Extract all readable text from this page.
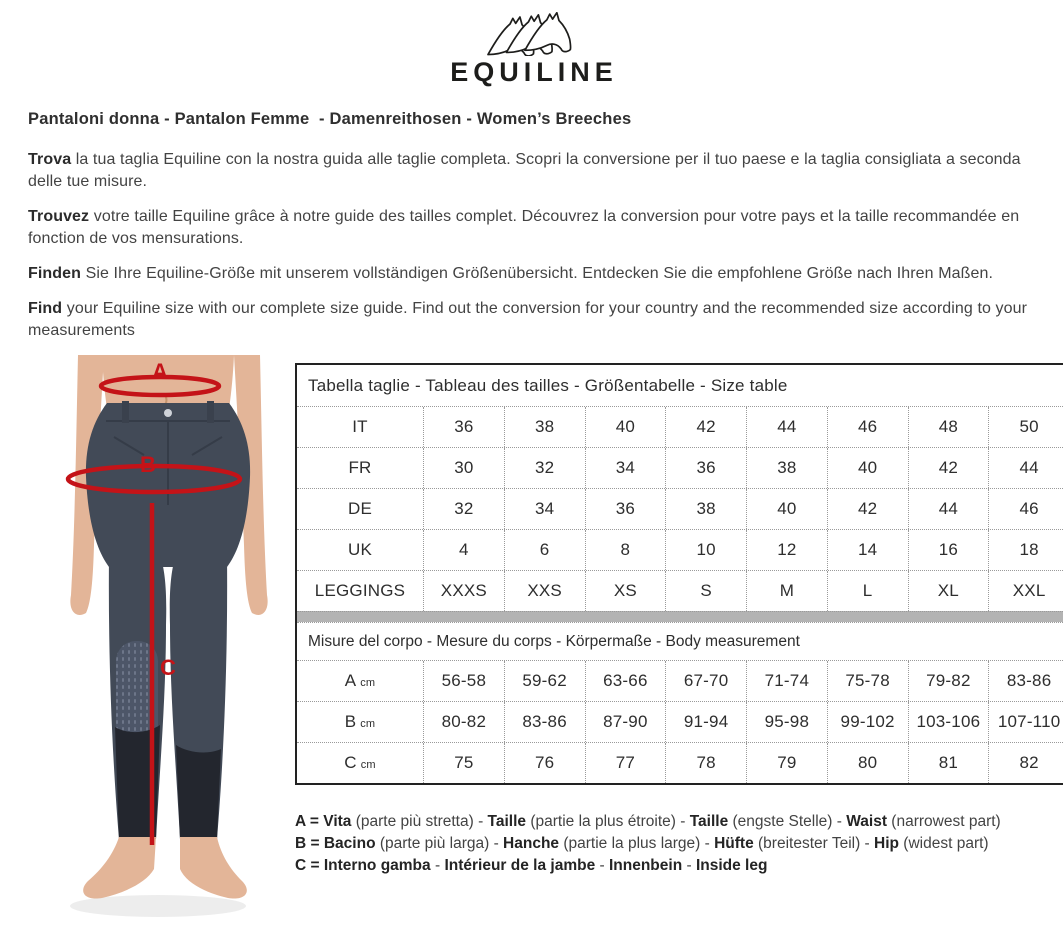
EQUILINE
Pantaloni donna - Pantalon Femme  - Damenreithosen - Women’s Breeches

Trova la tua taglia Equiline con la nostra guida alle taglie completa. Scopri la conversione per il tuo paese e la taglia consigliata a seconda delle tue misure.

Trouvez votre taille Equiline grâce à notre guide des tailles complet. Découvrez la conversion pour votre pays et la taille recommandée en fonction de vos mensurations.

Finden Sie Ihre Equiline-Größe mit unserem vollständigen Größenübersicht. Entdecken Sie die empfohlene Größe nach Ihren Maßen.

Find your Equiline size with our complete size guide. Find out the conversion for your country and the recommended size according to your measurements

A
B
C
Tabella taglie - Tableau des tailles - Größentabelle - Size table
IT	36	38	40	42	44	46	48	50
FR	30	32	34	36	38	40	42	44
DE	32	34	36	38	40	42	44	46
UK	4	6	8	10	12	14	16	18
LEGGINGS	XXXS	XXS	XS	S	M	L	XL	XXL
Misure del corpo - Mesure du corps - Körpermaße - Body measurement
A cm	56-58	59-62	63-66	67-70	71-74	75-78	79-82	83-86
B cm	80-82	83-86	87-90	91-94	95-98	99-102	103-106	107-110
C cm	75	76	77	78	79	80	81	82
A = Vita (parte più stretta) - Taille (partie la plus étroite) - Taille (engste Stelle) - Waist (narrowest part)
B = Bacino (parte più larga) - Hanche (partie la plus large) - Hüfte (breitester Teil) - Hip (widest part)
C = Interno gamba - Intérieur de la jambe - Innenbein - Inside leg
